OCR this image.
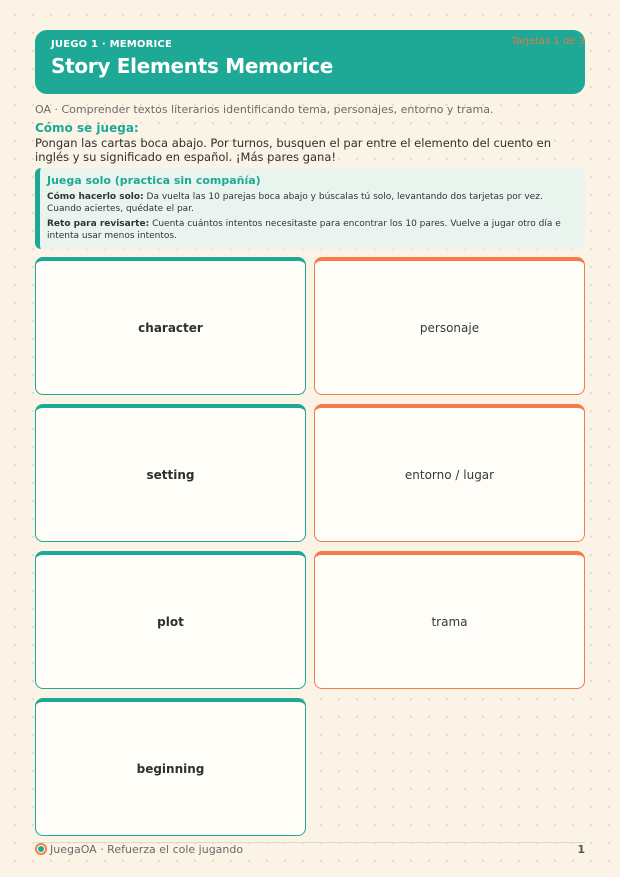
JUEGO 1 · MEMORICE
Story Elements Memorice
Tarjetas 1 de 3
OA · Comprender textos literarios identificando tema, personajes, entorno y trama.
Cómo se juega:
Pongan las cartas boca abajo. Por turnos, busquen el par entre el elemento del cuento en inglés y su significado en español. ¡Más pares gana!
Juega solo (practica sin compañía)
Cómo hacerlo solo: Da vuelta las 10 parejas boca abajo y búscalas tú solo, levantando dos tarjetas por vez. Cuando aciertes, quédate el par.
Reto para revisarte: Cuenta cuántos intentos necesitaste para encontrar los 10 pares. Vuelve a jugar otro día e intenta usar menos intentos.
character	personaje
setting	entorno / lugar
plot	trama
beginning
JuegaOA · Refuerza el cole jugando	1
